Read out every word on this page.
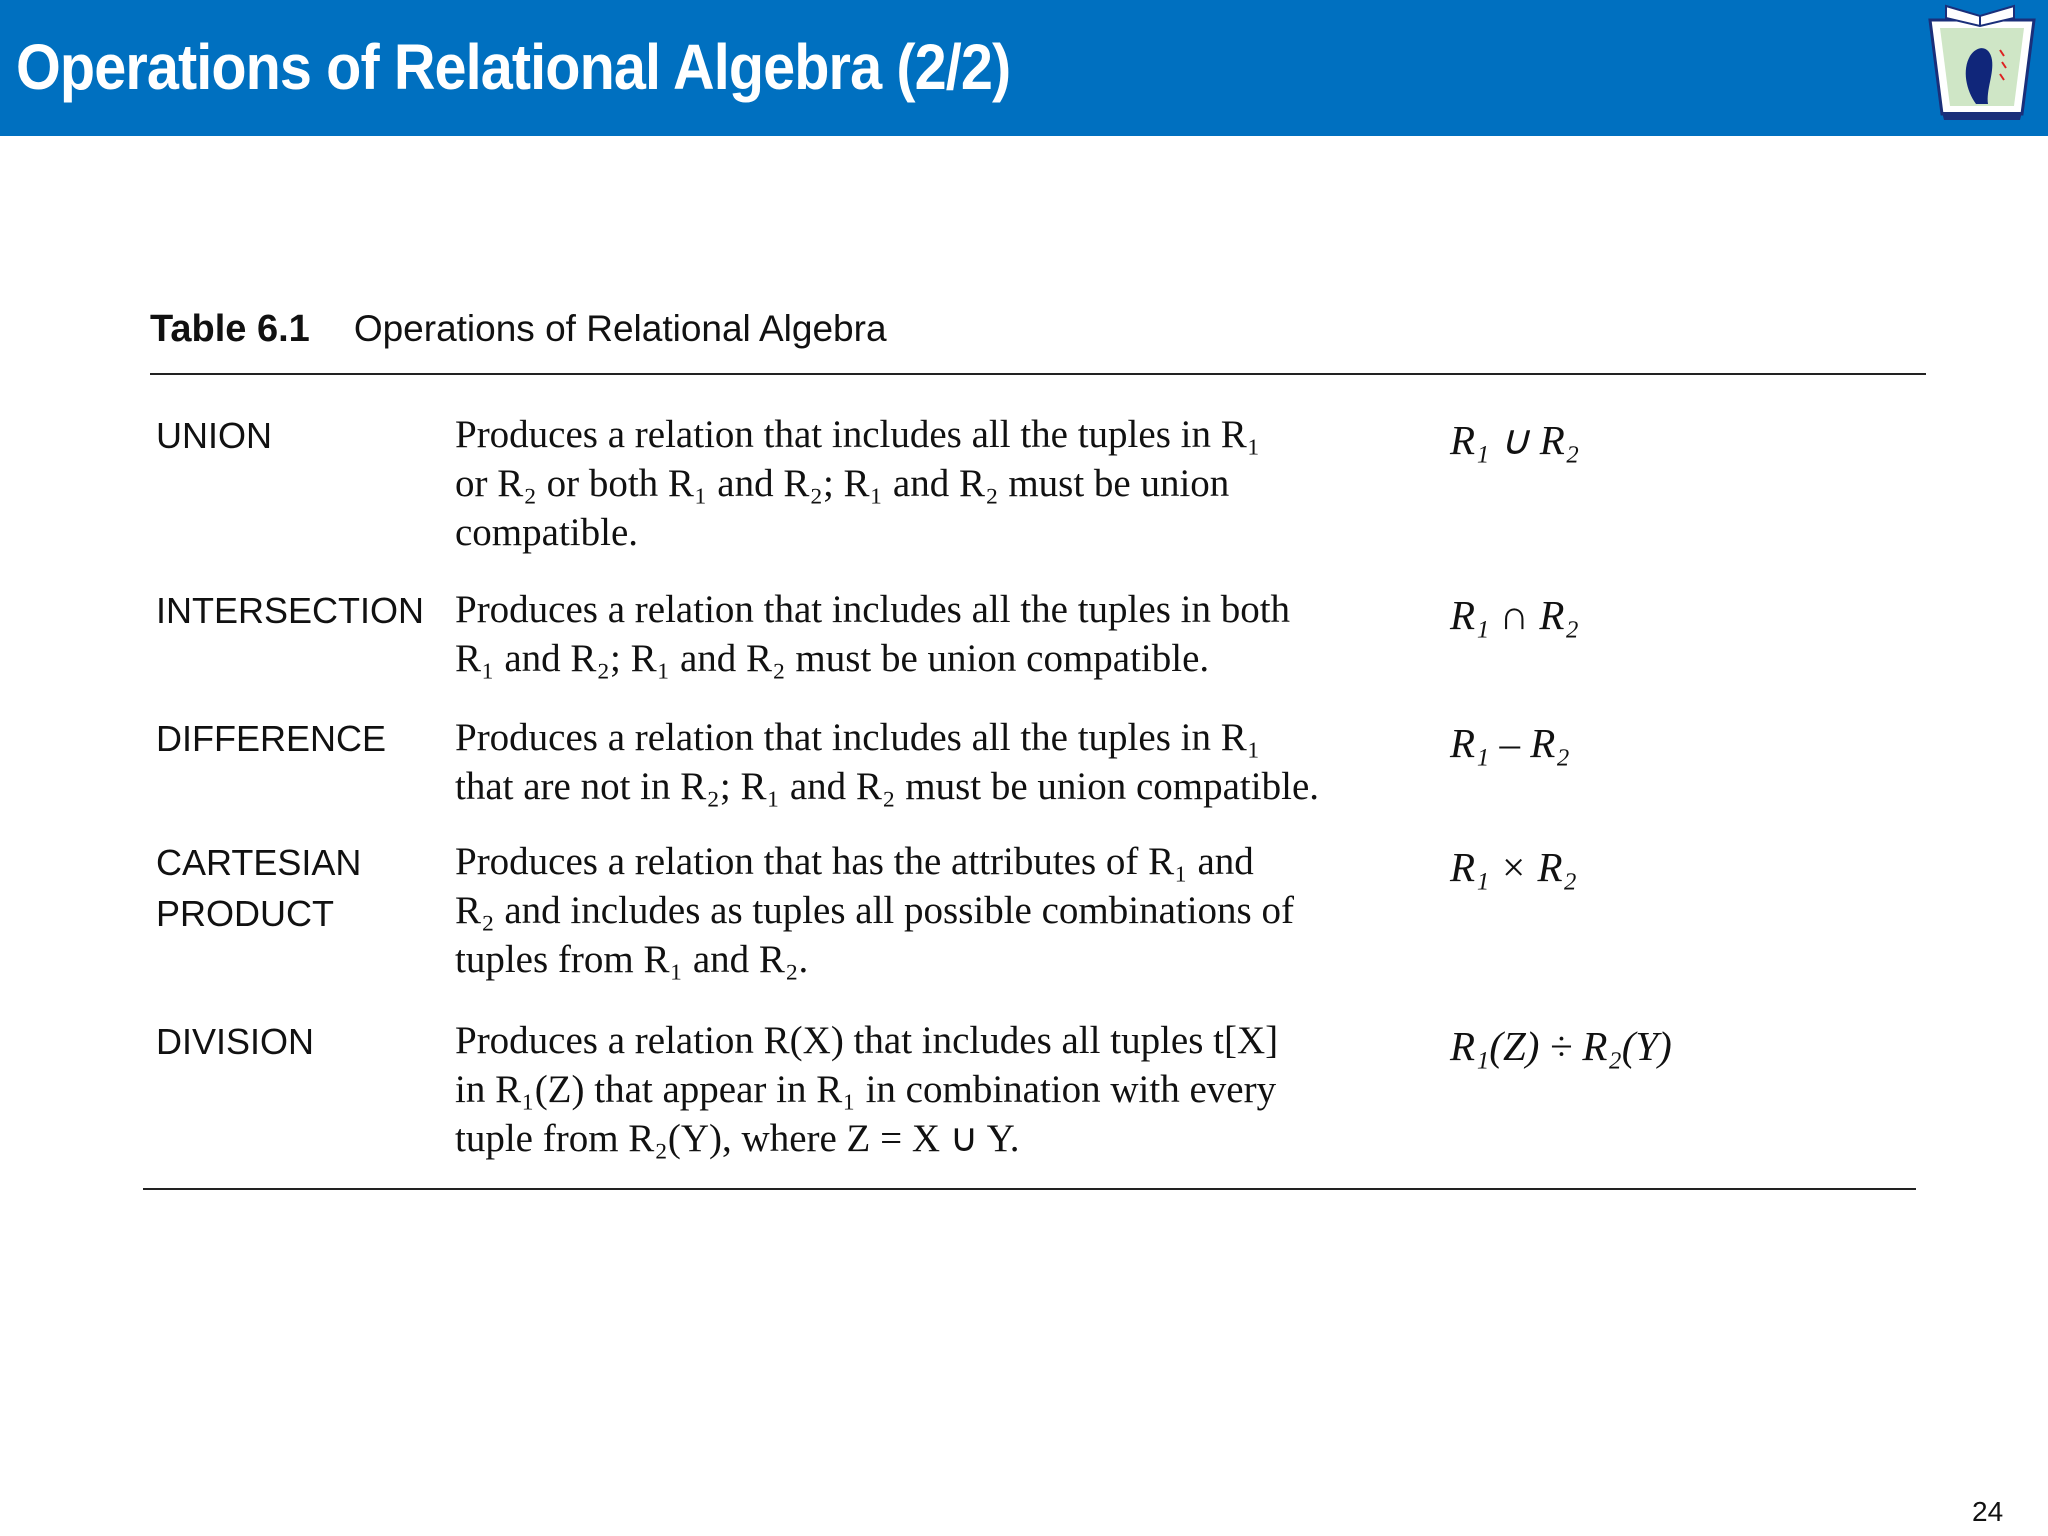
Operations of Relational Algebra (2/2)
Table 6.1 Operations of Relational Algebra
UNION	Produces a relation that includes all the tuples in R₁
or R₂ or both R₁ and R₂; R₁ and R₂ must be union
compatible.
R₁ ∪ R₂
INTERSECTION Produces a relation that includes all the tuples in both
R₁ and R₂; R₁ and R₂ must be union compatible.
R₁ ∩ R₂
DIFFERENCE Produces a relation that includes all the tuples in R₁
that are not in R₂; R₁ and R₂ must be union compatible.
R₁ – R₂
CARTESIAN
PRODUCT
Produces a relation that has the attributes of R₁ and
R₂ and includes as tuples all possible combinations of
tuples from R₁ and R₂.
R₁ × R₂
DIVISION	Produces a relation R(X) that includes all tuples t[X]
in R₁(Z) that appear in R₁ in combination with every
tuple from R₂(Y), where Z = X ∪ Y.
R₁(Z) ÷ R₂(Y)
24
